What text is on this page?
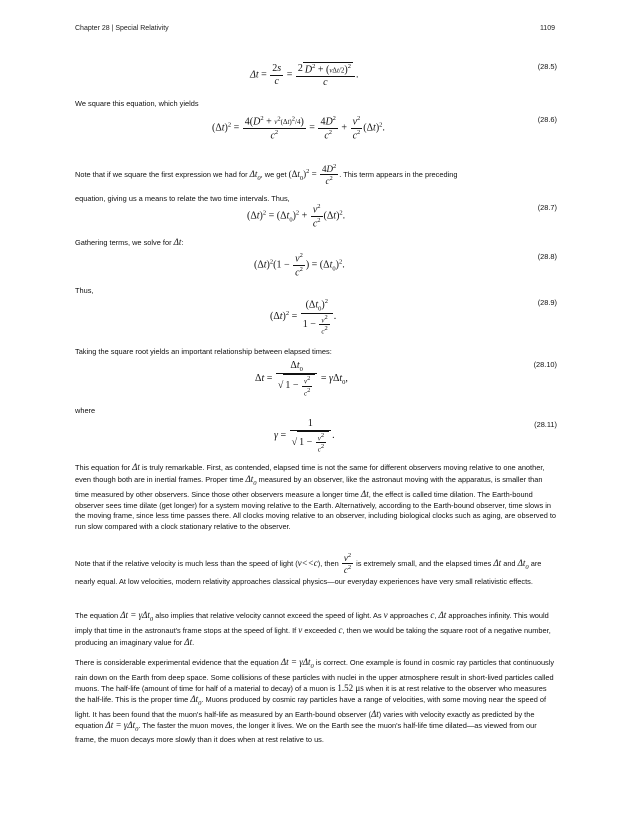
Chapter 28 | Special Relativity	1109
$\Delta t = \frac{2s}{c} = \frac{2 D^2 + (v\Delta t/2)^2}{c}$ .
(28.5)
We square this equation, which yields
$(\Delta t)^2 = \frac{4(D^2 + v^2(\Delta t)^2/4)}{c^2} = \frac{4D^2}{c^2} + \frac{v^2}{c^2} (\Delta t)^2$.
(28.6)
Note that if we square the first expression we had for $\Delta t_0$, we get $(\Delta t_0)^2 = \frac{4D^2}{c^2}$ . This term appears in the preceding
equation, giving us a means to relate the two time intervals. Thus,
$(\Delta t)^2 = (\Delta t_0)^2 + \frac{v^2}{c^2} (\Delta t)^2$.
(28.7)
Gathering terms, we solve for Δt:
$(\Delta t)^2(1 - \frac{v^2}{c^2}$ ) = $(\Delta t_0)^2$.
(28.8)
Thus,
$(\Delta t)^2 = \frac{(\Delta t_0)^2}{1 - \frac{v^2}{c^2}}$ .
(28.9)
Taking the square root yields an important relationship between elapsed times:
$\Delta t = \frac{\Delta t_0}{√ 1 - \frac{v^2}{c^2}} = \gamma\Delta t_0$,
(28.10)
where
$\gamma = \frac{1}{√ 1 - \frac{v^2}{c^2}}$ .
(28.11)
This equation for Δt is truly remarkable. First, as contended, elapsed time is not the same for different observers moving relative to one another, even though both are in inertial frames. Proper time $\Delta t_0$ measured by an observer, like the astronaut moving with the apparatus, is smaller than time measured by other observers. Since those other observers measure a longer time Δt, the effect is called time dilation. The Earth-bound observer sees time dilate (get longer) for a system moving relative to the Earth. Alternatively, according to the Earth-bound observer, time slows in the moving frame, since less time passes there. All clocks moving relative to an observer, including biological clocks such as aging, are observed to run slow compared with a clock stationary relative to the observer.
Note that if the relative velocity is much less than the speed of light (v<<c), then $\frac{v^2}{c^2}$ is extremely small, and the elapsed times Δt and $\Delta t_0$ are nearly equal. At low velocities, modern relativity approaches classical physics—our everyday experiences have very small relativistic effects.
The equation Δt = γΔt$_0$ also implies that relative velocity cannot exceed the speed of light. As v approaches c, Δt approaches infinity. This would imply that time in the astronaut's frame stops at the speed of light. If v exceeded c, then we would be taking the square root of a negative number, producing an imaginary value for Δt.
There is considerable experimental evidence that the equation Δt = γΔt$_0$ is correct. One example is found in cosmic ray particles that continuously rain down on the Earth from deep space. Some collisions of these particles with nuclei in the upper atmosphere result in short-lived particles called muons. The half-life (amount of time for half of a material to decay) of a muon is 1.52 μs when it is at rest relative to the observer who measures the half-life. This is the proper time $\Delta t_0$. Muons produced by cosmic ray particles have a range of velocities, with some moving near the speed of light. It has been found that the muon's half-life as measured by an Earth-bound observer (Δt) varies with velocity exactly as predicted by the equation Δt = γΔt$_0$. The faster the muon moves, the longer it lives. We on the Earth see the muon's half-life time dilated—as viewed from our frame, the muon decays more slowly than it does when at rest relative to us.
